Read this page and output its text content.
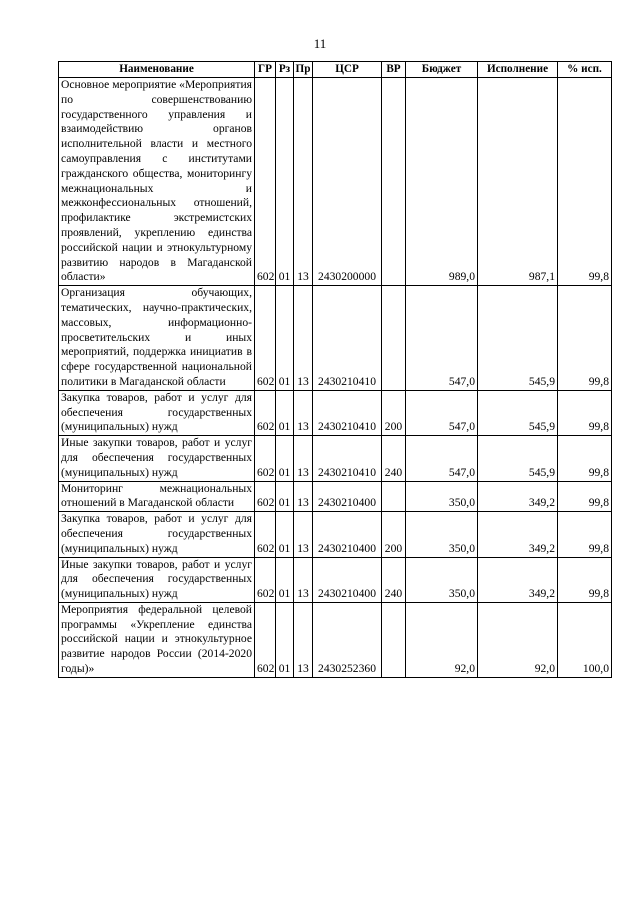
11
Наименование	ГР	Рз	Пр	ЦСР	ВР	Бюджет	Исполнение	% исп.
Основное мероприятие «Мероприятия по совершенствованию государственного управления и взаимодействию органов исполнительной власти и местного самоуправления с институтами гражданского общества, мониторингу межнациональных и межконфессиональных отношений, профилактике экстремистских проявлений, укреплению единства российской нации и этнокультурному развитию народов в Магаданской области»	602	01	13	2430200000		989,0	987,1	99,8
Организация обучающих, тематических, научно-практических, массовых, информационно-просветительских и иных мероприятий, поддержка инициатив в сфере государственной национальной политики в Магаданской области	602	01	13	2430210410		547,0	545,9	99,8
Закупка товаров, работ и услуг для обеспечения государственных (муниципальных) нужд	602	01	13	2430210410	200	547,0	545,9	99,8
Иные закупки товаров, работ и услуг для обеспечения государственных (муниципальных) нужд	602	01	13	2430210410	240	547,0	545,9	99,8
Мониторинг межнациональных отношений в Магаданской области	602	01	13	2430210400		350,0	349,2	99,8
Закупка товаров, работ и услуг для обеспечения государственных (муниципальных) нужд	602	01	13	2430210400	200	350,0	349,2	99,8
Иные закупки товаров, работ и услуг для обеспечения государственных (муниципальных) нужд	602	01	13	2430210400	240	350,0	349,2	99,8
Мероприятия федеральной целевой программы «Укрепление единства российской нации и этнокультурное развитие народов России (2014-2020 годы)»	602	01	13	2430252360		92,0	92,0	100,0
